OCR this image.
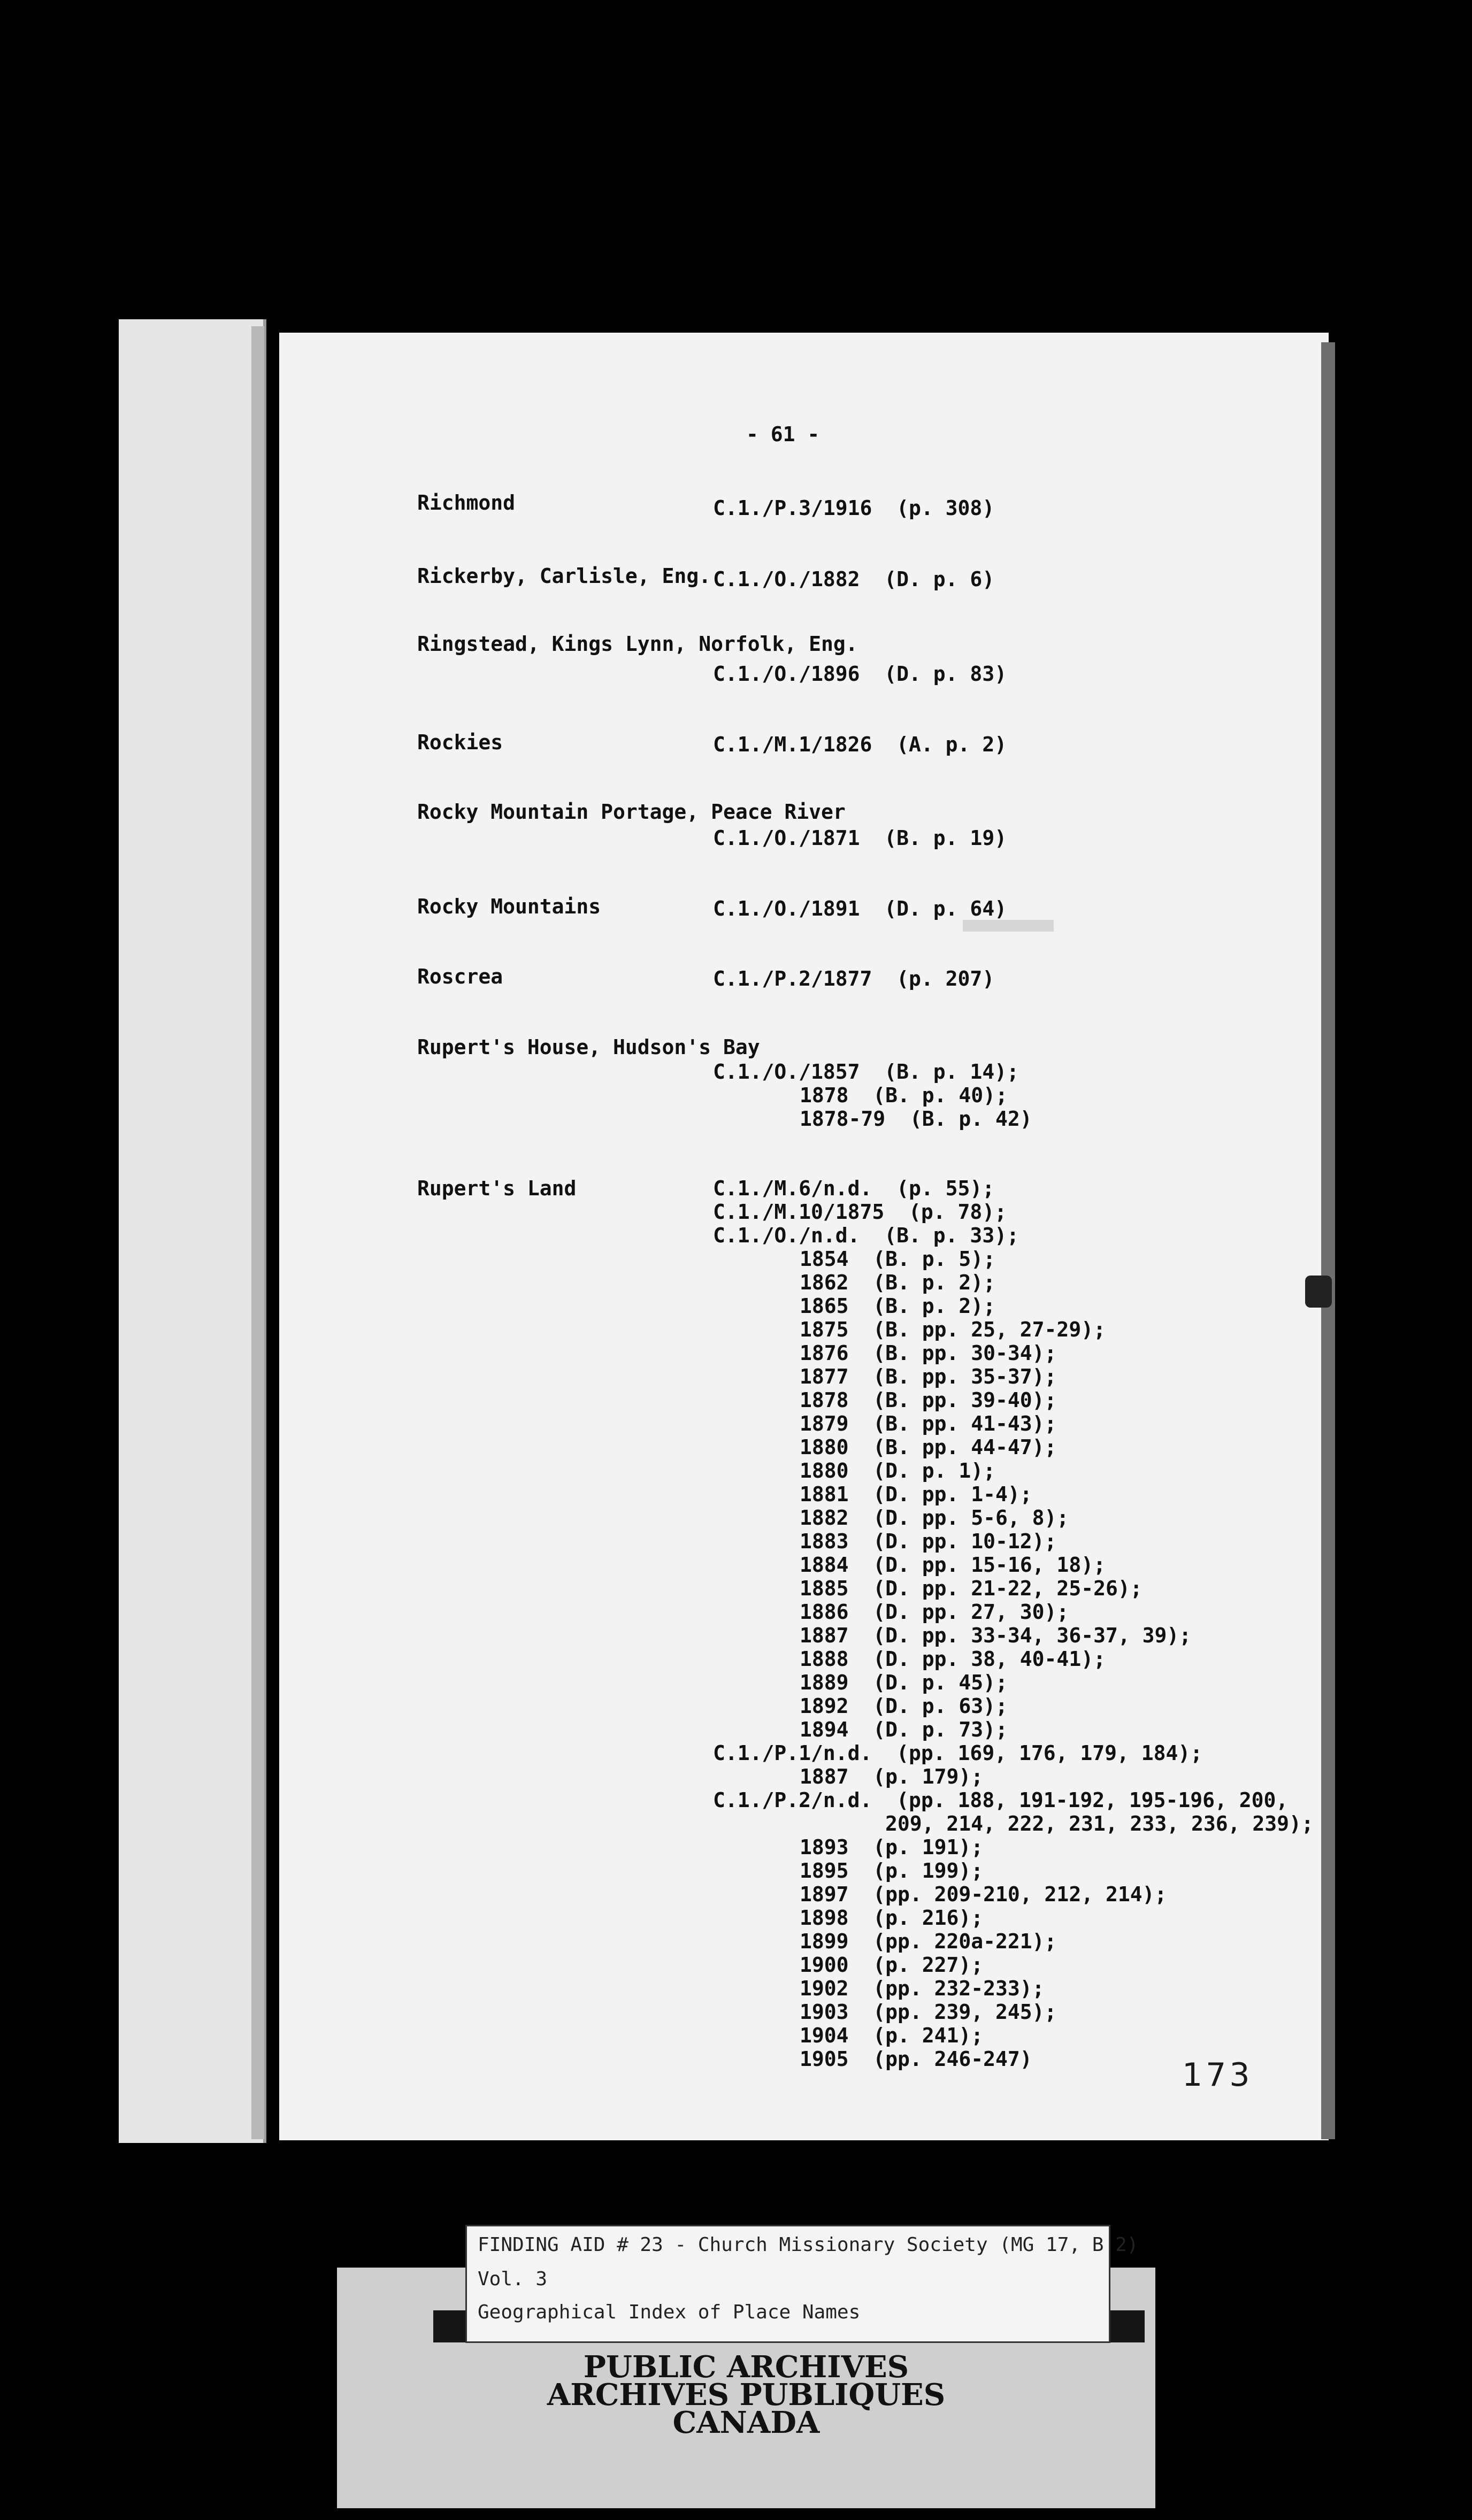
- 61 -
Richmond
Rickerby, Carlisle, Eng.
Ringstead, Kings Lynn, Norfolk, Eng.
Rockies
Rocky Mountain Portage, Peace River
Rocky Mountains
Roscrea
Rupert's House, Hudson's Bay
Rupert's Land
C.1./P.3/1916  (p. 308)
C.1./O./1882  (D. p. 6)
C.1./O./1896  (D. p. 83)
C.1./M.1/1826  (A. p. 2)
C.1./O./1871  (B. p. 19)
C.1./O./1891  (D. p. 64)
C.1./P.2/1877  (p. 207)
C.1./O./1857  (B. p. 14);
1878  (B. p. 40);
1878-79  (B. p. 42)
C.1./M.6/n.d.  (p. 55);
C.1./M.10/1875  (p. 78);
C.1./O./n.d.  (B. p. 33);
1854  (B. p. 5);
1862  (B. p. 2);
1865  (B. p. 2);
1875  (B. pp. 25, 27-29);
1876  (B. pp. 30-34);
1877  (B. pp. 35-37);
1878  (B. pp. 39-40);
1879  (B. pp. 41-43);
1880  (B. pp. 44-47);
1880  (D. p. 1);
1881  (D. pp. 1-4);
1882  (D. pp. 5-6, 8);
1883  (D. pp. 10-12);
1884  (D. pp. 15-16, 18);
1885  (D. pp. 21-22, 25-26);
1886  (D. pp. 27, 30);
1887  (D. pp. 33-34, 36-37, 39);
1888  (D. pp. 38, 40-41);
1889  (D. p. 45);
1892  (D. p. 63);
1894  (D. p. 73);
C.1./P.1/n.d.  (pp. 169, 176, 179, 184);
1887  (p. 179);
C.1./P.2/n.d.  (pp. 188, 191-192, 195-196, 200,
209, 214, 222, 231, 233, 236, 239);
1893  (p. 191);
1895  (p. 199);
1897  (pp. 209-210, 212, 214);
1898  (p. 216);
1899  (pp. 220a-221);
1900  (p. 227);
1902  (pp. 232-233);
1903  (pp. 239, 245);
1904  (p. 241);
1905  (pp. 246-247)	173
FINDING AID # 23 - Church Missionary Society (MG 17, B 2)
Vol. 3
Geographical Index of Place Names
PUBLIC ARCHIVES
ARCHIVES PUBLIQUES
CANADA
